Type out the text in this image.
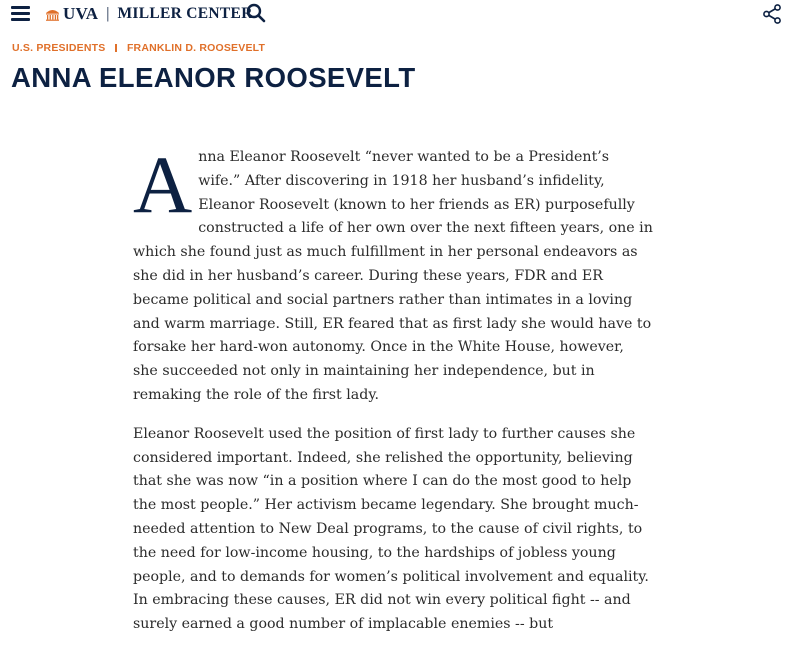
UVA | MILLER CENTER
U.S. PRESIDENTS FRANKLIN D. ROOSEVELT
ANNA ELEANOR ROOSEVELT

Anna Eleanor Roosevelt “never wanted to be a President’s wife.” After discovering in 1918 her husband’s infidelity, Eleanor Roosevelt (known to her friends as ER) purposefully constructed a life of her own over the next fifteen years, one in which she found just as much fulfillment in her personal endeavors as she did in her husband’s career. During these years, FDR and ER became political and social partners rather than intimates in a loving and warm marriage. Still, ER feared that as first lady she would have to forsake her hard-won autonomy. Once in the White House, however, she succeeded not only in maintaining her independence, but in remaking the role of the first lady.

Eleanor Roosevelt used the position of first lady to further causes she considered important. Indeed, she relished the opportunity, believing that she was now “in a position where I can do the most good to help the most people.” Her activism became legendary. She brought much-needed attention to New Deal programs, to the cause of civil rights, to the need for low-income housing, to the hardships of jobless young people, and to demands for women’s political involvement and equality. In embracing these causes, ER did not win every political fight -- and surely earned a good number of implacable enemies -- but
